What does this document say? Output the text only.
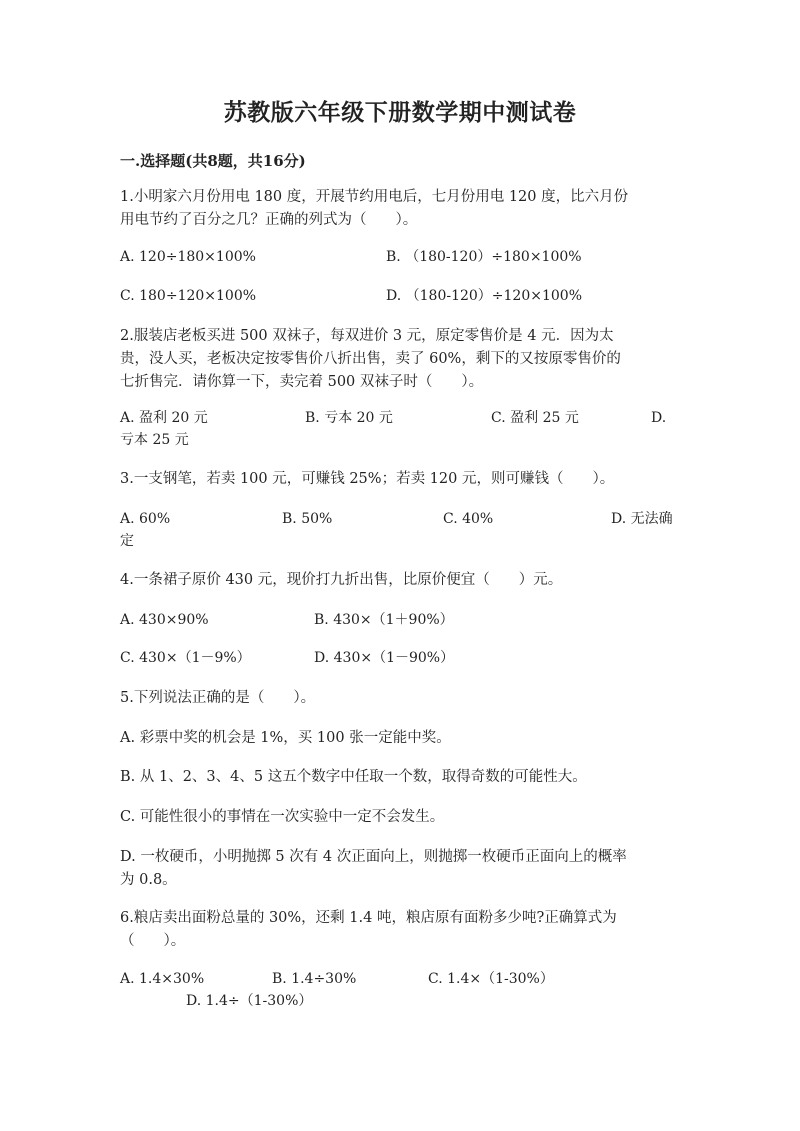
苏教版六年级下册数学期中测试卷
一.选择题(共8题，共16分)
1.小明家六月份用电 180 度，开展节约用电后，七月份用电 120 度，比六月份
用电节约了百分之几？正确的列式为（　　）。
A. 120÷180×100%	B. （180-120）÷180×100%
C. 180÷120×100%	D. （180-120）÷120×100%
2.服装店老板买进 500 双袜子，每双进价 3 元，原定零售价是 4 元．因为太
贵，没人买，老板决定按零售价八折出售，卖了 60%，剩下的又按原零售价的
七折售完．请你算一下，卖完着 500 双袜子时（　　）。
A. 盈利 20 元	B. 亏本 20 元	C. 盈利 25 元	D.
亏本 25 元
3.一支钢笔，若卖 100 元，可赚钱 25%；若卖 120 元，则可赚钱（　　）。
A. 60%	B. 50%	C. 40%	D. 无法确
定
4.一条裙子原价 430 元，现价打九折出售，比原价便宜（　　）元。
A. 430×90%	B. 430×（1＋90%）
C. 430×（1－9%）	D. 430×（1－90%）
5.下列说法正确的是（　　）。
A. 彩票中奖的机会是 1%，买 100 张一定能中奖。
B. 从 1、2、3、4、5 这五个数字中任取一个数，取得奇数的可能性大。
C. 可能性很小的事情在一次实验中一定不会发生。
D. 一枚硬币，小明抛掷 5 次有 4 次正面向上，则抛掷一枚硬币正面向上的概率
为 0.8。
6.粮店卖出面粉总量的 30%，还剩 1.4 吨，粮店原有面粉多少吨?正确算式为
（　　）。
A. 1.4×30%	B. 1.4÷30%	C. 1.4×（1-30%）
D. 1.4÷（1-30%）
